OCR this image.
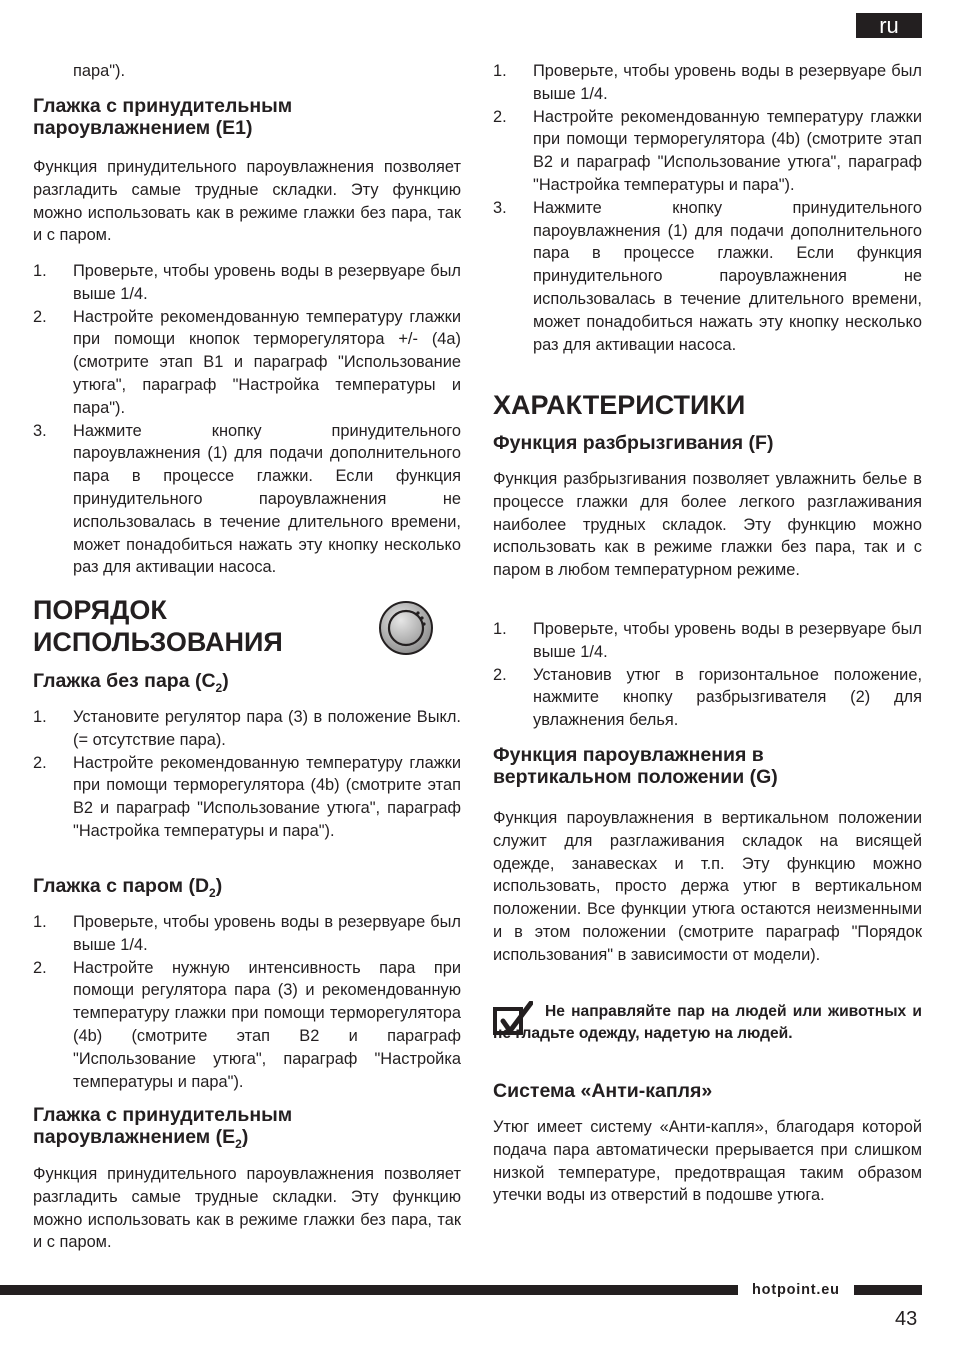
ru

пара").

Глажка с принудительным
пароувлажнением (E1)

Функция принудительного пароувлажнения позволяет разгладить самые трудные складки. Эту функцию можно использовать как в режиме глажки без пара, так и с паром.

1. Проверьте, чтобы уровень воды в резервуаре был выше 1/4.
2. Настройте рекомендованную температуру глажки при помощи кнопок терморегулятора +/- (4a) (смотрите этап B1 и параграф "Использование утюга", параграф "Настройка температуры и пара").
3. Нажмите кнопку принудительного пароувлажнения (1) для подачи дополнительного пара в процессе глажки. Если функция принудительного пароувлажнения не использовалась в течение длительного времени, может понадобиться нажать эту кнопку несколько раз для активации насоса.
ПОРЯДОК
ИСПОЛЬЗОВАНИЯ
Глажка без пара $(C_2)$
1. Установите регулятор пара (3) в положение Выкл. (= отсутствие пара).
2. Настройте рекомендованную температуру глажки при помощи терморегулятора (4b) (смотрите этап B2 и параграф "Использование утюга", параграф "Настройка температуры и пара").
Глажка с паром $(D_2)$
1. Проверьте, чтобы уровень воды в резервуаре был выше 1/4.
2. Настройте нужную интенсивность пара при помощи регулятора пара (3) и рекомендованную температуру глажки при помощи терморегулятора (4b) (смотрите этап B2 и параграф "Использование утюга", параграф "Настройка температуры и пара").
Глажка с принудительным
пароувлажнением $(E_2)$

Функция принудительного пароувлажнения позволяет разгладить самые трудные складки. Эту функцию можно использовать как в режиме глажки без пара, так и с паром.

1. Проверьте, чтобы уровень воды в резервуаре был выше 1/4.
2. Настройте рекомендованную температуру глажки при помощи терморегулятора (4b) (смотрите этап B2 и параграф "Использование утюга", параграф "Настройка температуры и пара").
3. Нажмите кнопку принудительного пароувлажнения (1) для подачи дополнительного пара в процессе глажки. Если функция принудительного пароувлажнения не использовалась в течение длительного времени, может понадобиться нажать эту кнопку несколько раз для активации насоса.
ХАРАКТЕРИСТИКИ
Функция разбрызгивания (F)

Функция разбрызгивания позволяет увлажнить белье в процессе глажки для более легкого разглаживания наиболее трудных складок. Эту функцию можно использовать как в режиме глажки без пара, так и с паром в любом температурном режиме.

1. Проверьте, чтобы уровень воды в резервуаре был выше 1/4.
2. Установив утюг в горизонтальное положение, нажмите кнопку разбрызгивателя (2) для увлажнения белья.
Функция пароувлажнения в
вертикальном положении (G)

Функция пароувлажнения в вертикальном положении служит для разглаживания складок на висящей одежде, занавесках и т.п. Эту функцию можно использовать, просто держа утюг в вертикальном положении. Все функции утюга остаются неизменными и в этом положении (смотрите параграф "Порядок использования" в зависимости от модели).

Не направляйте пар на людей или животных и не гладьте одежду, надетую на людей.

Система «Анти-капля»

Утюг имеет систему «Анти-капля», благодаря которой подача пара автоматически прерывается при слишком низкой температуре, предотвращая таким образом утечки воды из отверстий в подошве утюга.

hotpoint.eu
43
